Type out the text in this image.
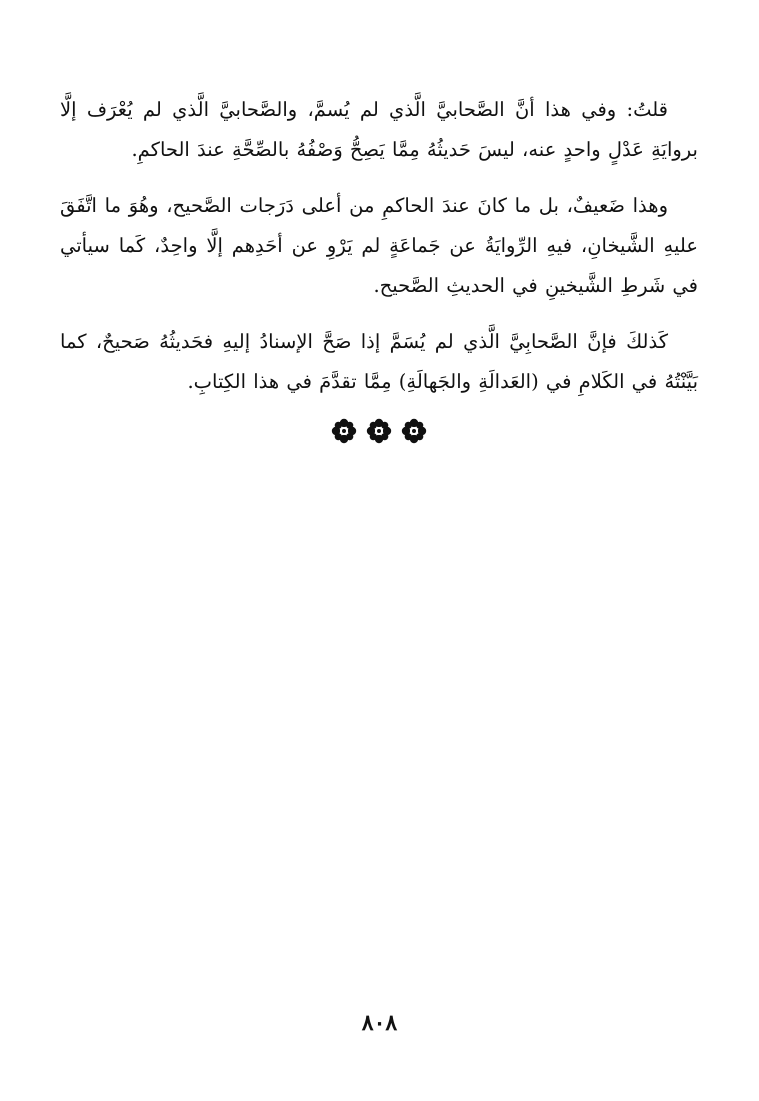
قلتُ: وفي هذا أنَّ الصَّحابيَّ الَّذي لم يُسمَّ، والصَّحابيَّ الَّذي لم يُعْرَف إلَّا بروايَةِ عَدْلٍ واحدٍ عنه، ليسَ حَديثُهُ مِمَّا يَصِحُّ وَصْفُهُ بالصِّحَّةِ عندَ الحاكمِ.

وهذا ضَعيفٌ، بل ما كانَ عندَ الحاكمِ من أعلى دَرَجات الصَّحيح، وهُوَ ما اتَّفَقَ عليهِ الشَّيخانِ، فيهِ الرِّوايَةُ عن جَماعَةٍ لم يَرْوِ عن أحَدِهم إلَّا واحِدٌ، كَما سيأتي في شَرطِ الشَّيخينِ في الحديثِ الصَّحيح.

كَذلكَ فإنَّ الصَّحابِيَّ الَّذي لم يُسَمَّ إذا صَحَّ الإسنادُ إليهِ فحَديثُهُ صَحيحٌ، كما بَيَّنْتُهُ في الكَلامِ في (العَدالَةِ والجَهالَةِ) مِمَّا تقدَّمَ في هذا الكِتابِ.

٨٠٨
